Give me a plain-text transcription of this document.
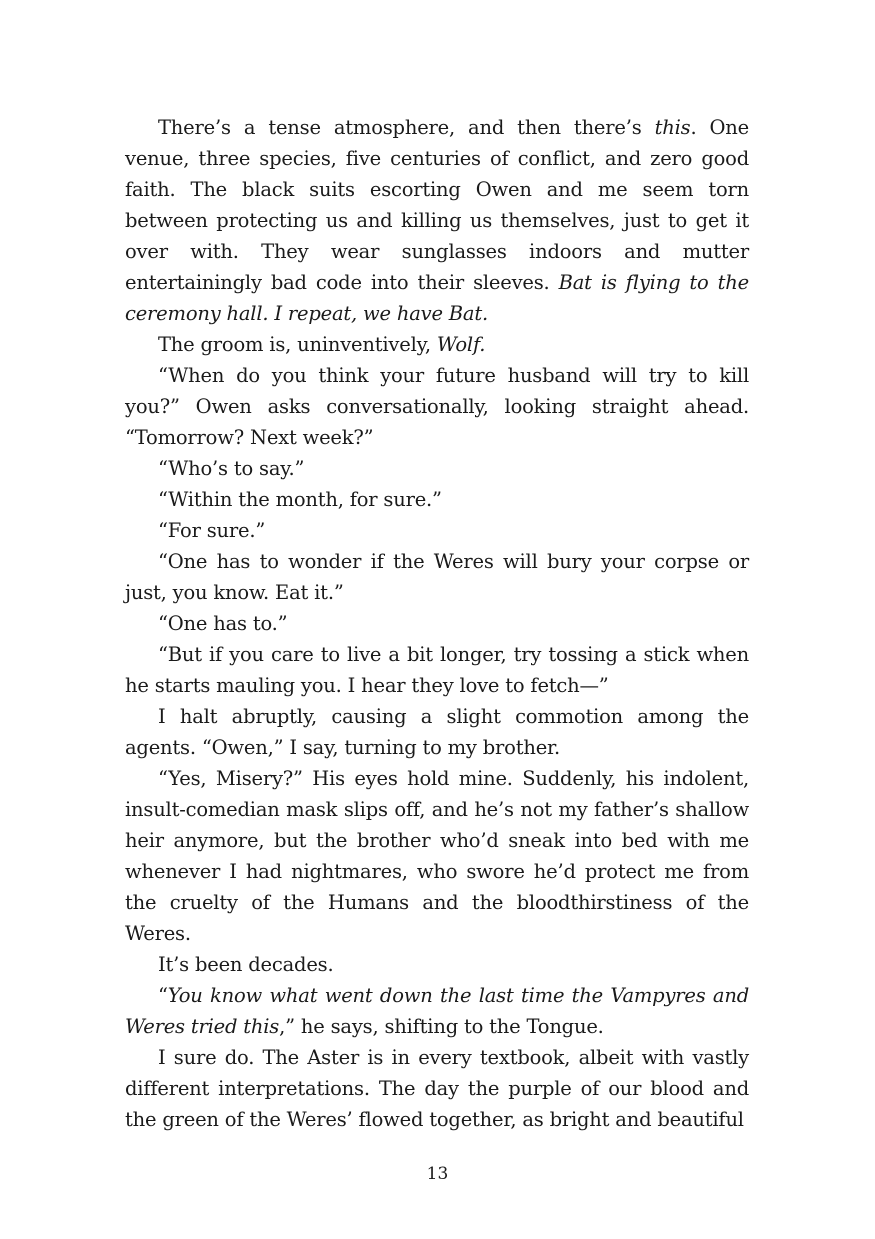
There’s a tense atmosphere, and then there’s this. One venue, three species, five centuries of conflict, and zero good faith. The black suits escorting Owen and me seem torn between protecting us and killing us themselves, just to get it over with. They wear sunglasses indoors and mutter entertainingly bad code into their sleeves. Bat is flying to the ceremony hall. I repeat, we have Bat.

The groom is, uninventively, Wolf.

“When do you think your future husband will try to kill you?” Owen asks conversationally, looking straight ahead. “Tomorrow? Next week?”

“Who’s to say.”

“Within the month, for sure.”

“For sure.”

“One has to wonder if the Weres will bury your corpse or just, you know. Eat it.”

“One has to.”

“But if you care to live a bit longer, try tossing a stick when he starts mauling you. I hear they love to fetch—”

I halt abruptly, causing a slight commotion among the agents. “Owen,” I say, turning to my brother.

“Yes, Misery?” His eyes hold mine. Suddenly, his indolent, insult-comedian mask slips off, and he’s not my father’s shallow heir anymore, but the brother who’d sneak into bed with me whenever I had nightmares, who swore he’d protect me from the cruelty of the Humans and the bloodthirstiness of the Weres.

It’s been decades.

“You know what went down the last time the Vampyres and Weres tried this,” he says, shifting to the Tongue.

I sure do. The Aster is in every textbook, albeit with vastly different interpretations. The day the purple of our blood and the green of the Weres’ flowed together, as bright and beautiful

13
